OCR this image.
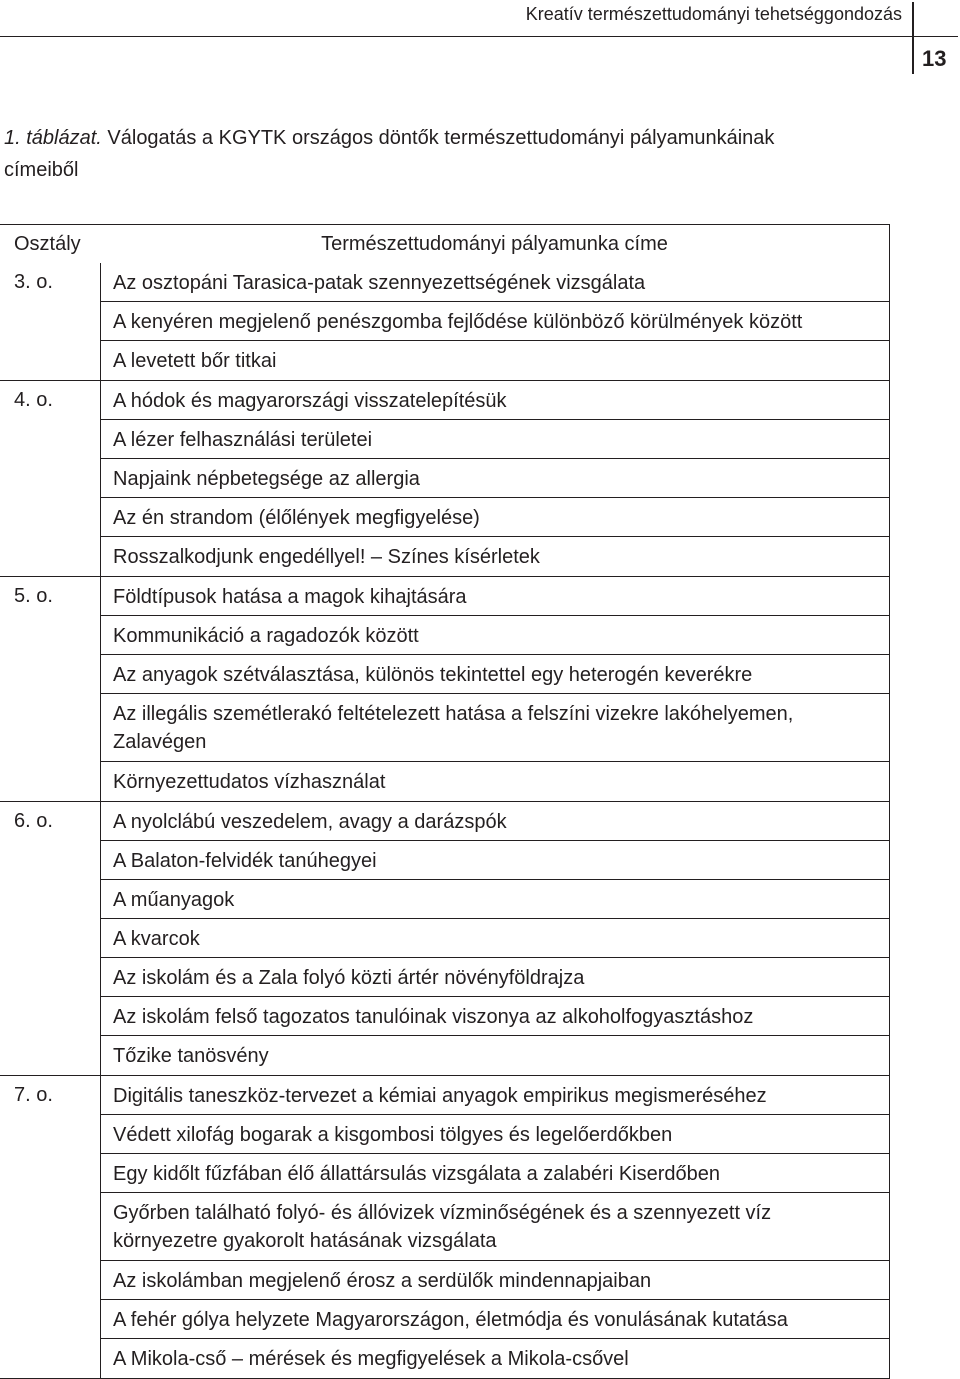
Kreatív természettudományi tehetséggondozás
13
1. táblázat. Válogatás a KGYTK országos döntők természettudományi pályamunkáinak címeiből
Osztály	Természettudományi pályamunka címe
3. o.	Az osztopáni Tarasica-patak szennyezettségének vizsgálata
A kenyéren megjelenő penészgomba fejlődése különböző körülmények között
A levetett bőr titkai
4. o.	A hódok és magyarországi visszatelepítésük
A lézer felhasználási területei
Napjaink népbetegsége az allergia
Az én strandom (élőlények megfigyelése)
Rosszalkodjunk engedéllyel! – Színes kísérletek
5. o.	Földtípusok hatása a magok kihajtására
Kommunikáció a ragadozók között
Az anyagok szétválasztása, különös tekintettel egy heterogén keverékre
Az illegális szemétlerakó feltételezett hatása a felszíni vizekre lakóhelyemen, Zalavégen
Környezettudatos vízhasználat
6. o.	A nyolclábú veszedelem, avagy a darázspók
A Balaton-felvidék tanúhegyei
A műanyagok
A kvarcok
Az iskolám és a Zala folyó közti ártér növényföldrajza
Az iskolám felső tagozatos tanulóinak viszonya az alkoholfogyasztáshoz
Tőzike tanösvény
7. o.	Digitális taneszköz-tervezet a kémiai anyagok empirikus megismeréséhez
Védett xilofág bogarak a kisgombosi tölgyes és legelőerdőkben
Egy kidőlt fűzfában élő állattársulás vizsgálata a zalabéri Kiserdőben
Győrben található folyó- és állóvizek vízminőségének és a szennyezett víz környezetre gyakorolt hatásának vizsgálata
Az iskolámban megjelenő érosz a serdülők mindennapjaiban
A fehér gólya helyzete Magyarországon, életmódja és vonulásának kutatása
A Mikola-cső – mérések és megfigyelések a Mikola-csővel
